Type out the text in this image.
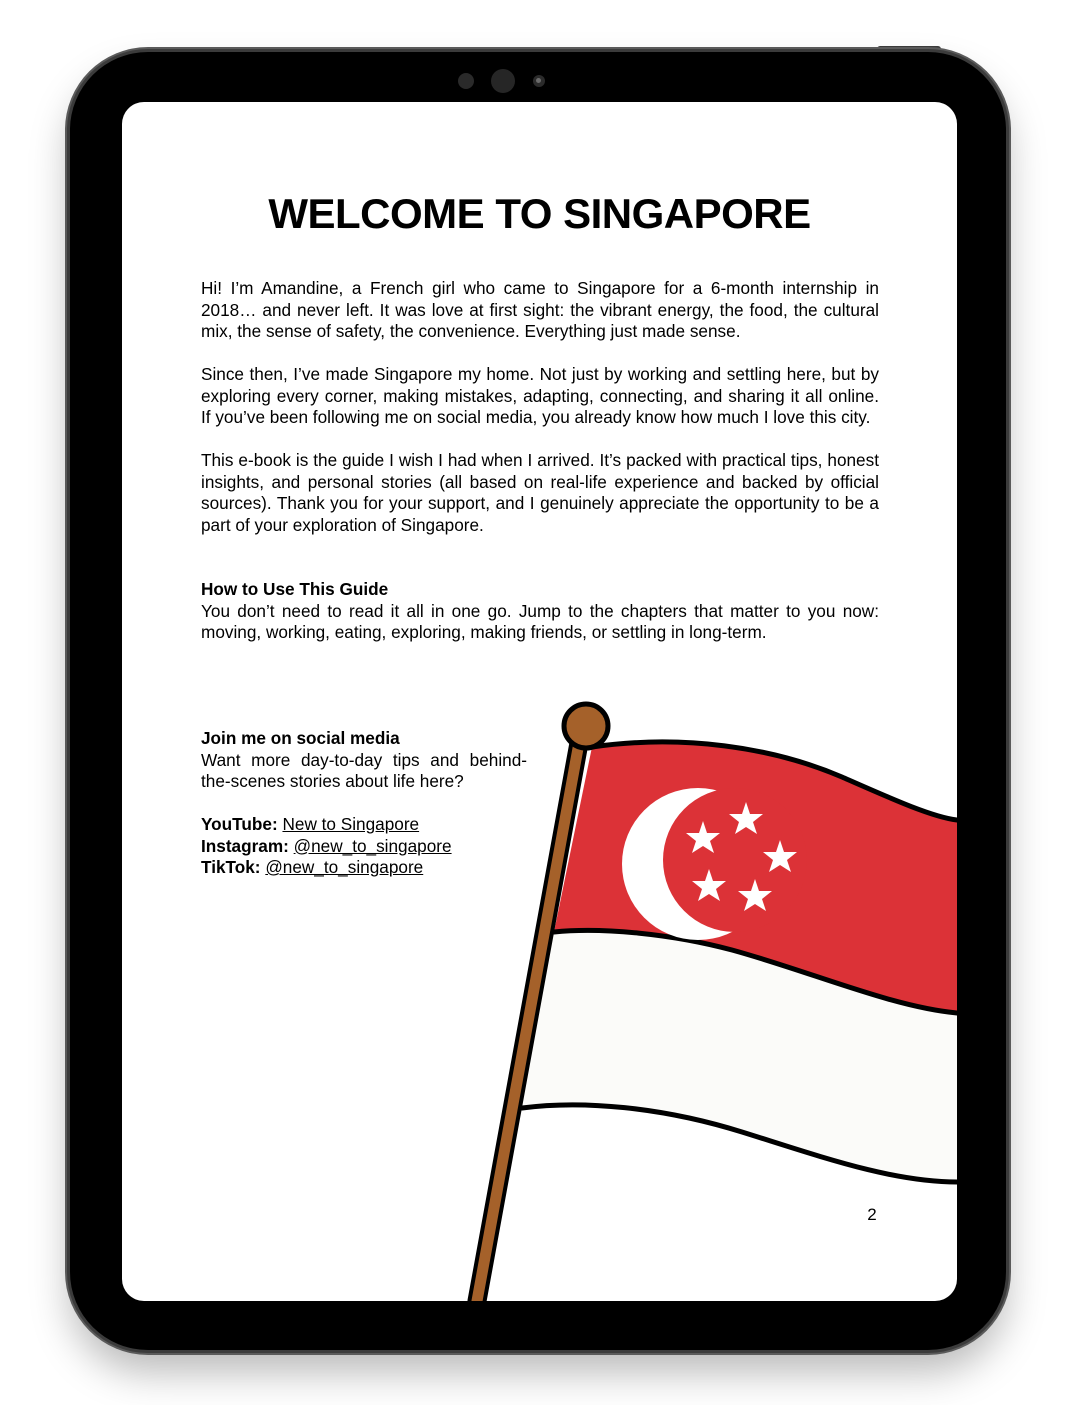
WELCOME TO SINGAPORE

Hi! I’m Amandine, a French girl who came to Singapore for a 6-month internship in 2018… and never left. It was love at first sight: the vibrant energy, the food, the cultural mix, the sense of safety, the convenience. Everything just made sense.

Since then, I’ve made Singapore my home. Not just by working and settling here, but by exploring every corner, making mistakes, adapting, connecting, and sharing it all online. If you’ve been following me on social media, you already know how much I love this city.

This e-book is the guide I wish I had when I arrived. It’s packed with practical tips, honest insights, and personal stories (all based on real-life experience and backed by official sources). Thank you for your support, and I genuinely appreciate the opportunity to be a part of your exploration of Singapore.

How to Use This Guide
You don’t need to read it all in one go. Jump to the chapters that matter to you now: moving, working, eating, exploring, making friends, or settling in long-term.

Join me on social media

Want more day-to-day tips and behind-the-scenes stories about life here?

YouTube: New to Singapore
Instagram: @new_to_singapore
TikTok: @new_to_singapore
2
